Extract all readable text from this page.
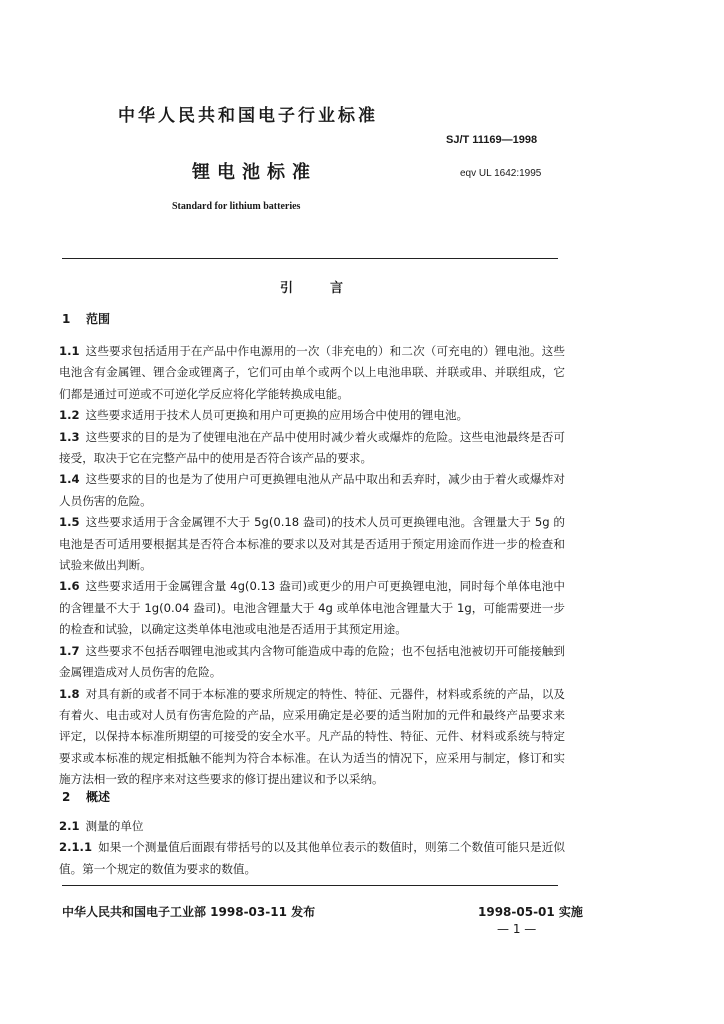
中华人民共和国电子行业标准
SJ/T 11169—1998
锂电池标准	eqv UL 1642:1995
Standard for lithium batteries
引	言
1 范围

1.1 这些要求包括适用于在产品中作电源用的一次（非充电的）和二次（可充电的）锂电池。这些电池含有金属锂、锂合金或锂离子，它们可由单个或两个以上电池串联、并联或串、并联组成，它们都是通过可逆或不可逆化学反应将化学能转换成电能。

1.2 这些要求适用于技术人员可更换和用户可更换的应用场合中使用的锂电池。

1.3 这些要求的目的是为了使锂电池在产品中使用时减少着火或爆炸的危险。这些电池最终是否可接受，取决于它在完整产品中的使用是否符合该产品的要求。

1.4 这些要求的目的也是为了使用户可更换锂电池从产品中取出和丢弃时，减少由于着火或爆炸对人员伤害的危险。

1.5 这些要求适用于含金属锂不大于 5g(0.18 盎司)的技术人员可更换锂电池。含锂量大于 5g 的电池是否可适用要根据其是否符合本标准的要求以及对其是否适用于预定用途而作进一步的检查和试验来做出判断。

1.6 这些要求适用于金属锂含量 4g(0.13 盎司)或更少的用户可更换锂电池，同时每个单体电池中的含锂量不大于 1g(0.04 盎司)。电池含锂量大于 4g 或单体电池含锂量大于 1g，可能需要进一步的检查和试验，以确定这类单体电池或电池是否适用于其预定用途。

1.7 这些要求不包括吞咽锂电池或其内含物可能造成中毒的危险；也不包括电池被切开可能接触到金属锂造成对人员伤害的危险。

1.8 对具有新的或者不同于本标准的要求所规定的特性、特征、元器件，材料或系统的产品，以及有着火、电击或对人员有伤害危险的产品，应采用确定是必要的适当附加的元件和最终产品要求来评定，以保持本标准所期望的可接受的安全水平。凡产品的特性、特征、元件、材料或系统与特定要求或本标准的规定相抵触不能判为符合本标准。在认为适当的情况下，应采用与制定，修订和实施方法相一致的程序来对这些要求的修订提出建议和予以采纳。

2 概述

2.1 测量的单位

2.1.1 如果一个测量值后面跟有带括号的以及其他单位表示的数值时，则第二个数值可能只是近似值。第一个规定的数值为要求的数值。

中华人民共和国电子工业部 1998-03-11 发布	1998-05-01 实施
— 1 —
